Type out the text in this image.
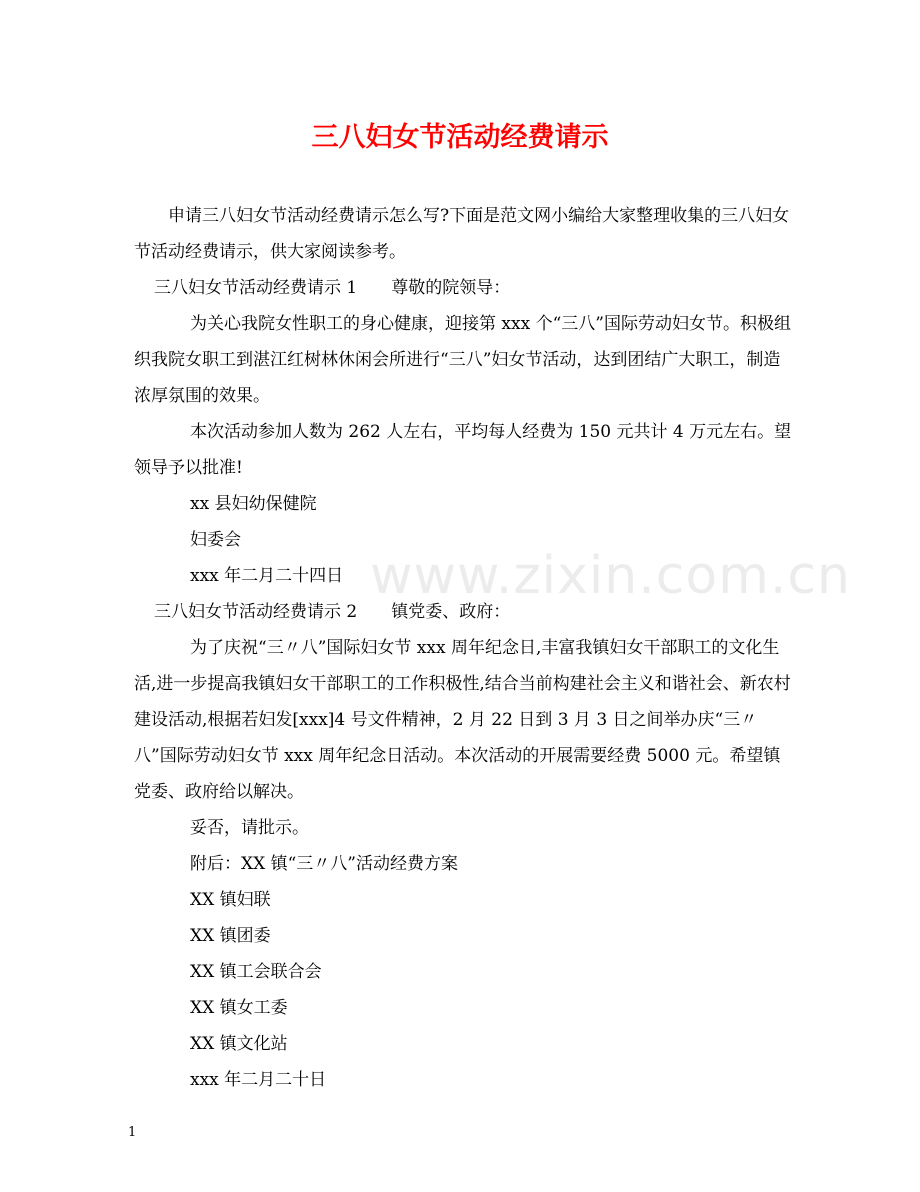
三八妇女节活动经费请示

申请三八妇女节活动经费请示怎么写?下面是范文网小编给大家整理收集的三八妇女节活动经费请示，供大家阅读参考。

三八妇女节活动经费请示 1 尊敬的院领导：

为关心我院女性职工的身心健康，迎接第 xxx 个“三八”国际劳动妇女节。积极组织我院女职工到湛江红树林休闲会所进行“三八”妇女节活动，达到团结广大职工，制造浓厚氛围的效果。

本次活动参加人数为 262 人左右，平均每人经费为 150 元共计 4 万元左右。望领导予以批准!

xx 县妇幼保健院

妇委会

xxx 年二月二十四日

三八妇女节活动经费请示 2 镇党委、政府：

为了庆祝“三〃八”国际妇女节 xxx 周年纪念日,丰富我镇妇女干部职工的文化生活,进一步提高我镇妇女干部职工的工作积极性,结合当前构建社会主义和谐社会、新农村建设活动,根据若妇发[xxx]4 号文件精神，2 月 22 日到 3 月 3 日之间举办庆“三〃八”国际劳动妇女节 xxx 周年纪念日活动。本次活动的开展需要经费 5000 元。希望镇党委、政府给以解决。

妥否，请批示。

附后：XX 镇“三〃八”活动经费方案

XX 镇妇联

XX 镇团委

XX 镇工会联合会

XX 镇女工委

XX 镇文化站

xxx 年二月二十日

www.zixin.com.cn
1
